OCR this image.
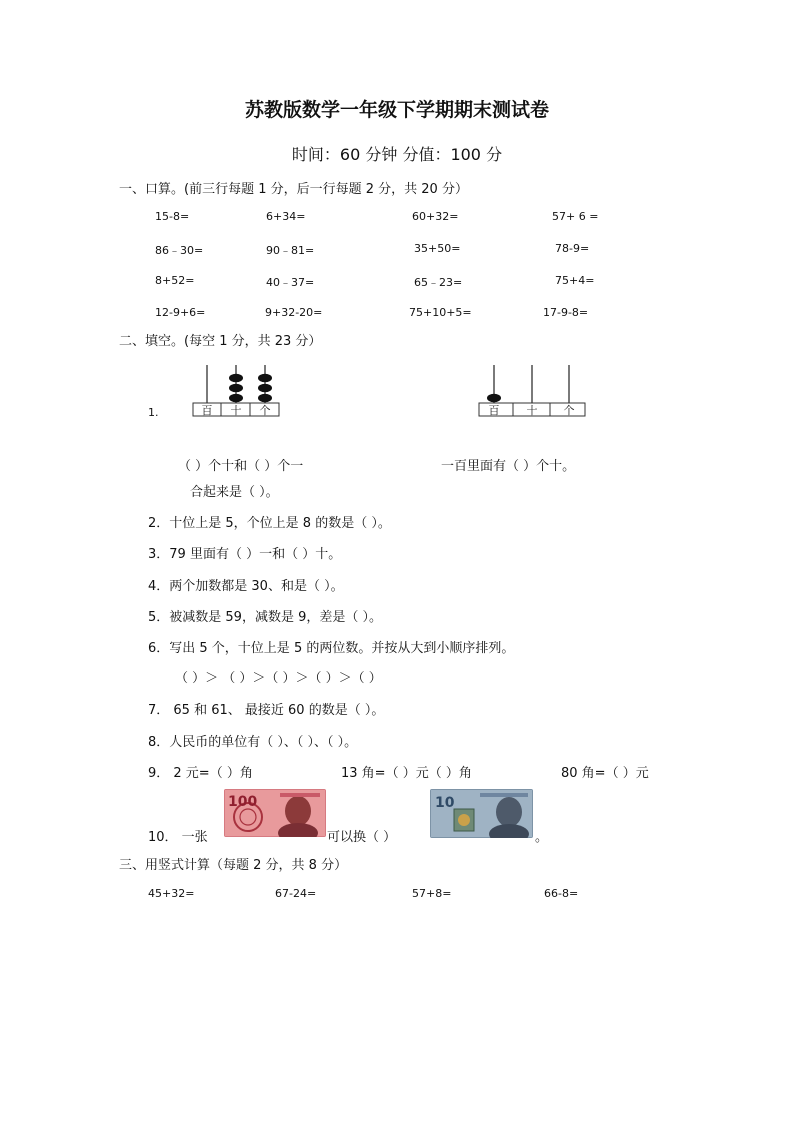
苏教版数学一年级下学期期末测试卷
时间：60 分钟 分值：100 分
一、口算。(前三行每题 1 分，后一行每题 2 分，共 20 分）
15-8=	6+34=	60+32=	57+ 6 =
86﹣30=	90﹣81=	35+50=	78-9=
8+52=	40﹣37=	65﹣23=	75+4=
12-9+6=	9+32-20=	75+10+5=	17-9-8=
二、填空。(每空 1 分，共 23 分）
1.	百 十 个	百 十 个
（ ）个十和（ ）个一
合起来是（ ）。
一百里面有（ ）个十。
2．十位上是 5，个位上是 8 的数是（ ）。
3．79 里面有（ ）一和（ ）十。
4．两个加数都是 30、和是（ ）。
5．被减数是 59，减数是 9，差是（ ）。
6．写出 5 个，十位上是 5 的两位数。并按从大到小顺序排列。
（ ）＞ （ ）＞（ ）＞（ ）＞（ ）
7． 65 和 61、 最接近 60 的数是（ ）。
8．人民币的单位有（ ）、（ ）、（ ）。
9． 2 元=（ ）角	13 角=（ ）元（ ）角	80 角=（ ）元
10． 一张
100
可以换（ ）
10
。
三、用竖式计算（每题 2 分，共 8 分）
45+32=	67-24=	57+8=	66-8=
